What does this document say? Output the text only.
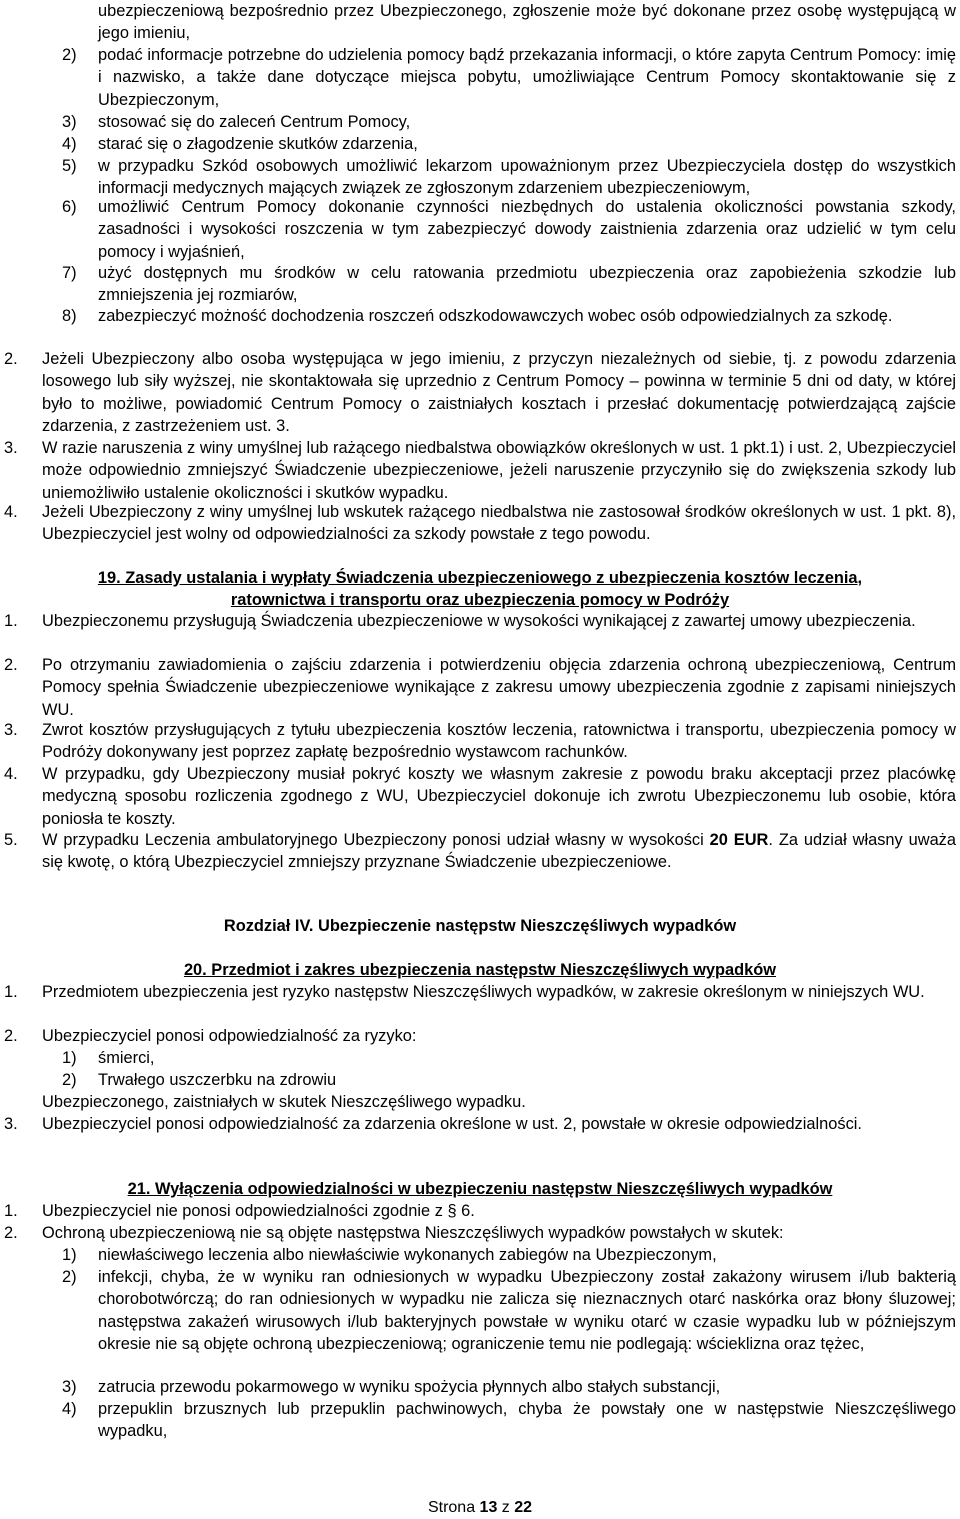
ubezpieczeniową bezpośrednio przez Ubezpieczonego, zgłoszenie może być dokonane przez osobę występującą w jego imieniu,
2)	podać informacje potrzebne do udzielenia pomocy bądź przekazania informacji, o które zapyta Centrum Pomocy: imię i nazwisko, a także dane dotyczące miejsca pobytu, umożliwiające Centrum Pomocy skontaktowanie się z Ubezpieczonym,
3)	stosować się do zaleceń Centrum Pomocy,
4)	starać się o złagodzenie skutków zdarzenia,
5)	w przypadku Szkód osobowych umożliwić lekarzom upoważnionym przez Ubezpieczyciela dostęp do wszystkich informacji medycznych mających związek ze zgłoszonym zdarzeniem ubezpieczeniowym,
6)	umożliwić Centrum Pomocy dokonanie czynności niezbędnych do ustalenia okoliczności powstania szkody, zasadności i wysokości roszczenia w tym zabezpieczyć dowody zaistnienia zdarzenia oraz udzielić w tym celu pomocy i wyjaśnień,
7)	użyć dostępnych mu środków w celu ratowania przedmiotu ubezpieczenia oraz zapobieżenia szkodzie lub zmniejszenia jej rozmiarów,
8)	zabezpieczyć możność dochodzenia roszczeń odszkodowawczych wobec osób odpowiedzialnych za szkodę.
2.	Jeżeli Ubezpieczony albo osoba występująca w jego imieniu, z przyczyn niezależnych od siebie, tj. z powodu zdarzenia losowego lub siły wyższej, nie skontaktowała się uprzednio z Centrum Pomocy – powinna w terminie 5 dni od daty, w której było to możliwe, powiadomić Centrum Pomocy o zaistniałych kosztach i przesłać dokumentację potwierdzającą zajście zdarzenia, z zastrzeżeniem ust. 3.
3.	W razie naruszenia z winy umyślnej lub rażącego niedbalstwa obowiązków określonych w ust. 1 pkt.1) i ust. 2, Ubezpieczyciel może odpowiednio zmniejszyć Świadczenie ubezpieczeniowe, jeżeli naruszenie przyczyniło się do zwiększenia szkody lub uniemożliwiło ustalenie okoliczności i skutków wypadku.
4.	Jeżeli Ubezpieczony z winy umyślnej lub wskutek rażącego niedbalstwa nie zastosował środków określonych w ust. 1 pkt. 8), Ubezpieczyciel jest wolny od odpowiedzialności za szkody powstałe z tego powodu.
19. Zasady ustalania i wypłaty Świadczenia ubezpieczeniowego z ubezpieczenia kosztów leczenia,
ratownictwa i transportu oraz ubezpieczenia pomocy w Podróży
1.	Ubezpieczonemu przysługują Świadczenia ubezpieczeniowe w wysokości wynikającej z zawartej umowy ubezpieczenia.
2.	Po otrzymaniu zawiadomienia o zajściu zdarzenia i potwierdzeniu objęcia zdarzenia ochroną ubezpieczeniową, Centrum Pomocy spełnia Świadczenie ubezpieczeniowe wynikające z zakresu umowy ubezpieczenia zgodnie z zapisami niniejszych WU.
3.	Zwrot kosztów przysługujących z tytułu ubezpieczenia kosztów leczenia, ratownictwa i transportu, ubezpieczenia pomocy w Podróży dokonywany jest poprzez zapłatę bezpośrednio wystawcom rachunków.
4.	W przypadku, gdy Ubezpieczony musiał pokryć koszty we własnym zakresie z powodu braku akceptacji przez placówkę medyczną sposobu rozliczenia zgodnego z WU, Ubezpieczyciel dokonuje ich zwrotu Ubezpieczonemu lub osobie, która poniosła te koszty.
5.	W przypadku Leczenia ambulatoryjnego Ubezpieczony ponosi udział własny w wysokości 20 EUR. Za udział własny uważa się kwotę, o którą Ubezpieczyciel zmniejszy przyznane Świadczenie ubezpieczeniowe.
Rozdział IV. Ubezpieczenie następstw Nieszczęśliwych wypadków
20. Przedmiot i zakres ubezpieczenia następstw Nieszczęśliwych wypadków
1.	Przedmiotem ubezpieczenia jest ryzyko następstw Nieszczęśliwych wypadków, w zakresie określonym w niniejszych WU.
2.	Ubezpieczyciel ponosi odpowiedzialność za ryzyko:
1)	śmierci,
2)	Trwałego uszczerbku na zdrowiu
Ubezpieczonego, zaistniałych w skutek Nieszczęśliwego wypadku.
3.	Ubezpieczyciel ponosi odpowiedzialność za zdarzenia określone w ust. 2, powstałe w okresie odpowiedzialności.
21. Wyłączenia odpowiedzialności w ubezpieczeniu następstw Nieszczęśliwych wypadków
1.	Ubezpieczyciel nie ponosi odpowiedzialności zgodnie z § 6.
2.	Ochroną ubezpieczeniową nie są objęte następstwa Nieszczęśliwych wypadków powstałych w skutek:
1)	niewłaściwego leczenia albo niewłaściwie wykonanych zabiegów na Ubezpieczonym,
2)	infekcji, chyba, że w wyniku ran odniesionych w wypadku Ubezpieczony został zakażony wirusem i/lub bakterią chorobotwórczą; do ran odniesionych w wypadku nie zalicza się nieznacznych otarć naskórka oraz błony śluzowej; następstwa zakażeń wirusowych i/lub bakteryjnych powstałe w wyniku otarć w czasie wypadku lub w późniejszym okresie nie są objęte ochroną ubezpieczeniową; ograniczenie temu nie podlegają: wścieklizna oraz tężec,
3)	zatrucia przewodu pokarmowego w wyniku spożycia płynnych albo stałych substancji,
4)	przepuklin brzusznych lub przepuklin pachwinowych, chyba że powstały one w następstwie Nieszczęśliwego wypadku,
Strona 13 z 22
